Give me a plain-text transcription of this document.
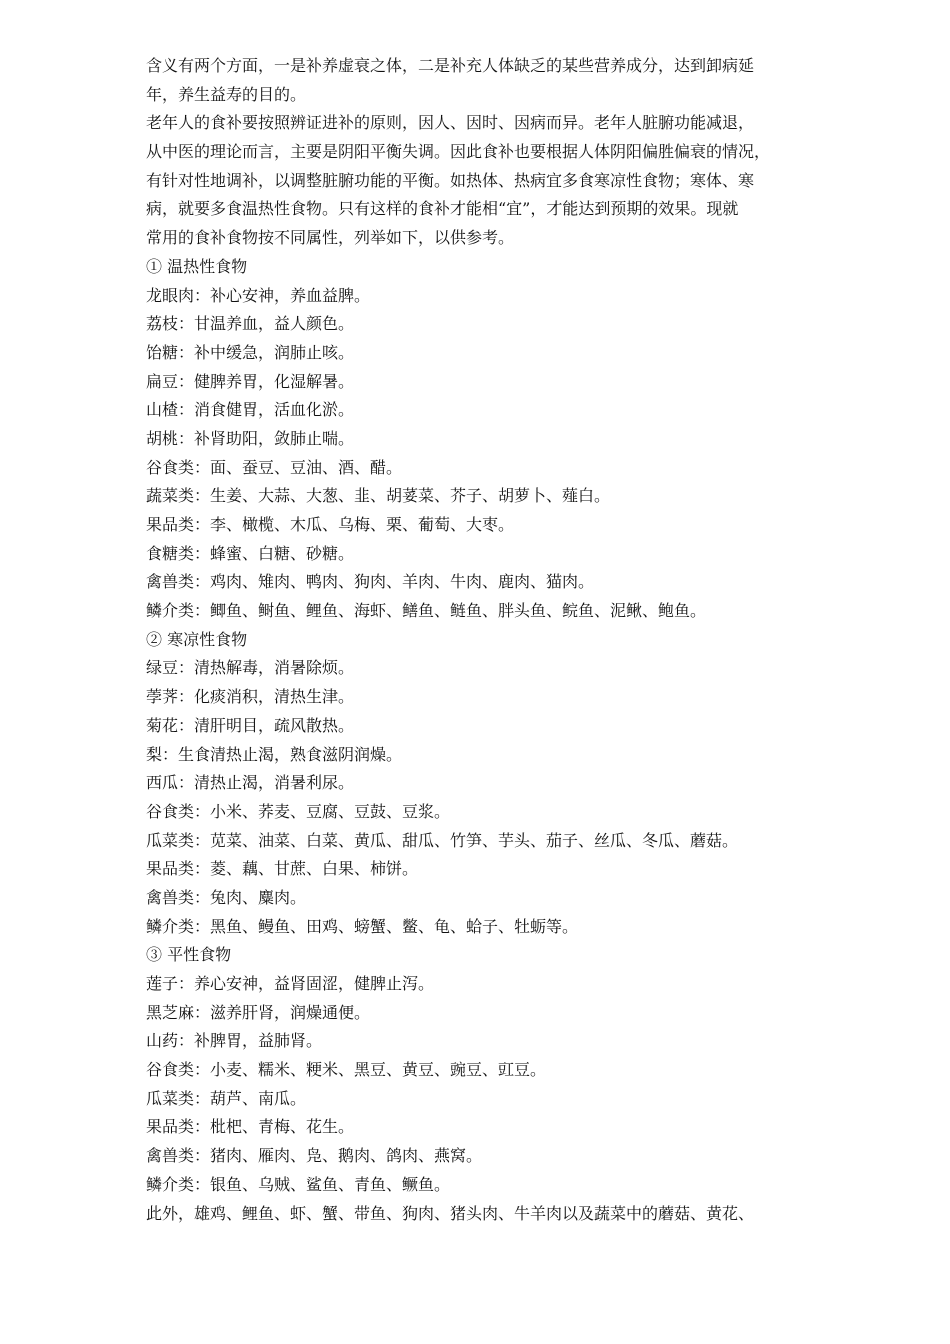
含义有两个方面，一是补养虚衰之体，二是补充人体缺乏的某些营养成分，达到卸病延
年，养生益寿的目的。
老年人的食补要按照辨证进补的原则，因人、因时、因病而异。老年人脏腑功能减退，
从中医的理论而言，主要是阴阳平衡失调。因此食补也要根据人体阴阳偏胜偏衰的情况，
有针对性地调补，以调整脏腑功能的平衡。如热体、热病宜多食寒凉性食物；寒体、寒
病，就要多食温热性食物。只有这样的食补才能相“宜”，才能达到预期的效果。现就
常用的食补食物按不同属性，列举如下，以供参考。
① 温热性食物
龙眼肉：补心安神，养血益脾。
荔枝：甘温养血，益人颜色。
饴糖：补中缓急，润肺止咳。
扁豆：健脾养胃，化湿解暑。
山楂：消食健胃，活血化淤。
胡桃：补肾助阳，敛肺止喘。
谷食类：面、蚕豆、豆油、酒、醋。
蔬菜类：生姜、大蒜、大葱、韭、胡荽菜、芥子、胡萝卜、薤白。
果品类：李、橄榄、木瓜、乌梅、栗、葡萄、大枣。
食糖类：蜂蜜、白糖、砂糖。
禽兽类：鸡肉、雉肉、鸭肉、狗肉、羊肉、牛肉、鹿肉、猫肉。
鳞介类：鲫鱼、鲥鱼、鲤鱼、海虾、鳝鱼、鲢鱼、胖头鱼、鲩鱼、泥鳅、鲍鱼。
② 寒凉性食物
绿豆：清热解毒，消暑除烦。
荸荠：化痰消积，清热生津。
菊花：清肝明目，疏风散热。
梨：生食清热止渴，熟食滋阴润燥。
西瓜：清热止渴，消暑利尿。
谷食类：小米、荞麦、豆腐、豆鼓、豆浆。
瓜菜类：苋菜、油菜、白菜、黄瓜、甜瓜、竹笋、芋头、茄子、丝瓜、冬瓜、蘑菇。
果品类：菱、藕、甘蔗、白果、柿饼。
禽兽类：兔肉、麋肉。
鳞介类：黑鱼、鳗鱼、田鸡、螃蟹、鳖、龟、蛤子、牡蛎等。
③ 平性食物
莲子：养心安神，益肾固涩，健脾止泻。
黑芝麻：滋养肝肾，润燥通便。
山药：补脾胃，益肺肾。
谷食类：小麦、糯米、粳米、黑豆、黄豆、豌豆、豇豆。
瓜菜类：葫芦、南瓜。
果品类：枇杷、青梅、花生。
禽兽类：猪肉、雁肉、凫、鹅肉、鸽肉、燕窝。
鳞介类：银鱼、乌贼、鲨鱼、青鱼、鳜鱼。
此外，雄鸡、鲤鱼、虾、蟹、带鱼、狗肉、猪头肉、牛羊肉以及蔬菜中的蘑菇、黄花、
